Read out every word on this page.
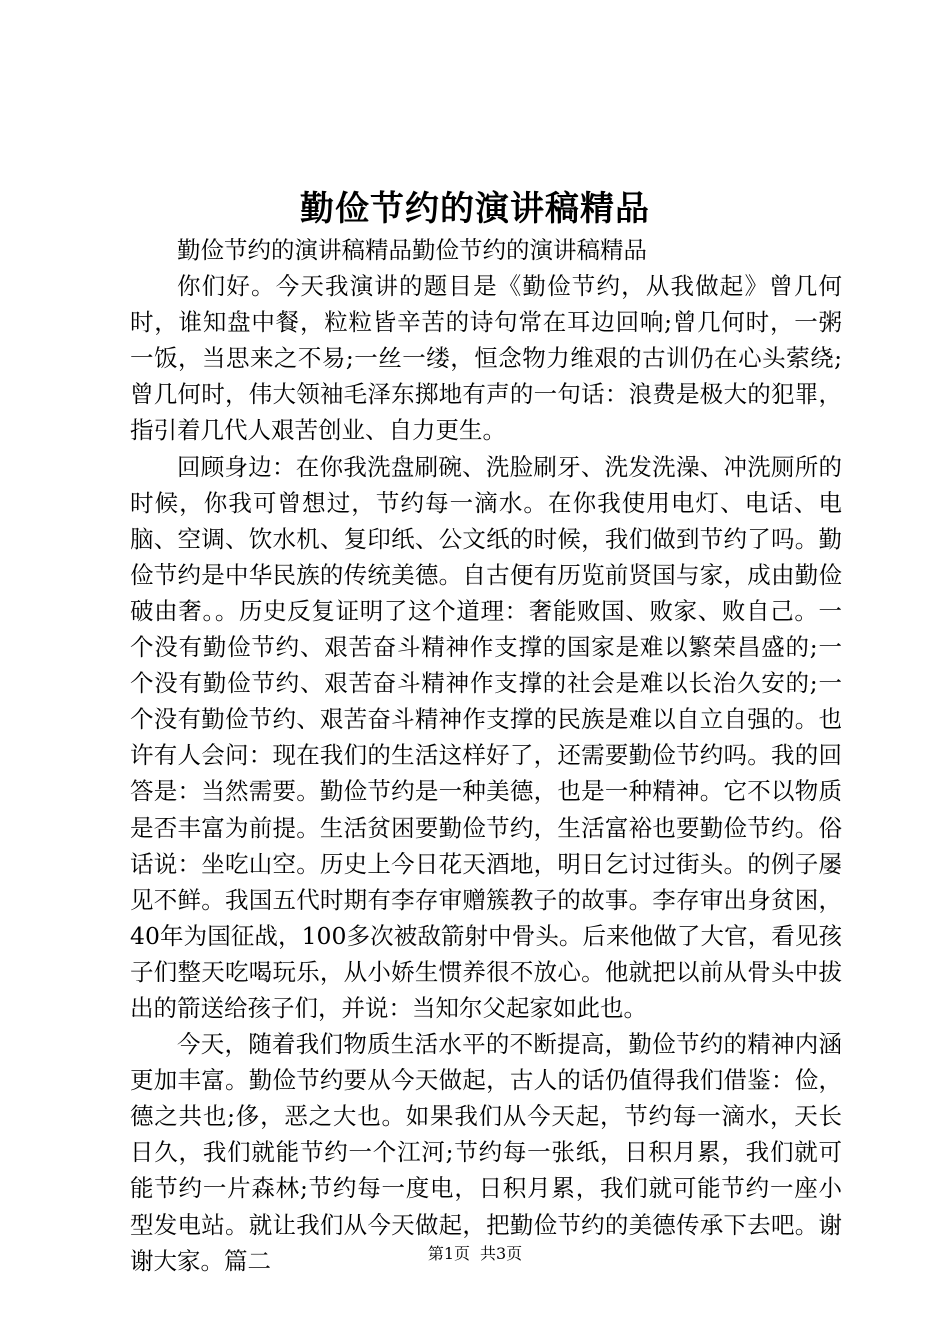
勤俭节约的演讲稿精品

勤俭节约的演讲稿精品勤俭节约的演讲稿精品

你们好。今天我演讲的题目是《勤俭节约，从我做起》曾几何时，谁知盘中餐，粒粒皆辛苦的诗句常在耳边回响;曾几何时，一粥一饭，当思来之不易;一丝一缕，恒念物力维艰的古训仍在心头萦绕;曾几何时，伟大领袖毛泽东掷地有声的一句话：浪费是极大的犯罪，指引着几代人艰苦创业、自力更生。

回顾身边：在你我洗盘刷碗、洗脸刷牙、洗发洗澡、冲洗厕所的时候，你我可曾想过，节约每一滴水。在你我使用电灯、电话、电脑、空调、饮水机、复印纸、公文纸的时候，我们做到节约了吗。勤俭节约是中华民族的传统美德。自古便有历览前贤国与家，成由勤俭破由奢。。历史反复证明了这个道理：奢能败国、败家、败自己。一个没有勤俭节约、艰苦奋斗精神作支撑的国家是难以繁荣昌盛的;一个没有勤俭节约、艰苦奋斗精神作支撑的社会是难以长治久安的;一个没有勤俭节约、艰苦奋斗精神作支撑的民族是难以自立自强的。也许有人会问：现在我们的生活这样好了，还需要勤俭节约吗。我的回答是：当然需要。勤俭节约是一种美德，也是一种精神。它不以物质是否丰富为前提。生活贫困要勤俭节约，生活富裕也要勤俭节约。俗话说：坐吃山空。历史上今日花天酒地，明日乞讨过街头。的例子屡见不鲜。我国五代时期有李存审赠簇教子的故事。李存审出身贫困，40年为国征战，100多次被敌箭射中骨头。后来他做了大官，看见孩子们整天吃喝玩乐，从小娇生惯养很不放心。他就把以前从骨头中拔出的箭送给孩子们，并说：当知尔父起家如此也。

今天，随着我们物质生活水平的不断提高，勤俭节约的精神内涵更加丰富。勤俭节约要从今天做起，古人的话仍值得我们借鉴：俭，德之共也;侈，恶之大也。如果我们从今天起，节约每一滴水，天长日久，我们就能节约一个江河;节约每一张纸，日积月累，我们就可能节约一片森林;节约每一度电，日积月累，我们就可能节约一座小型发电站。就让我们从今天做起，把勤俭节约的美德传承下去吧。谢谢大家。篇二	第1页 共3页
